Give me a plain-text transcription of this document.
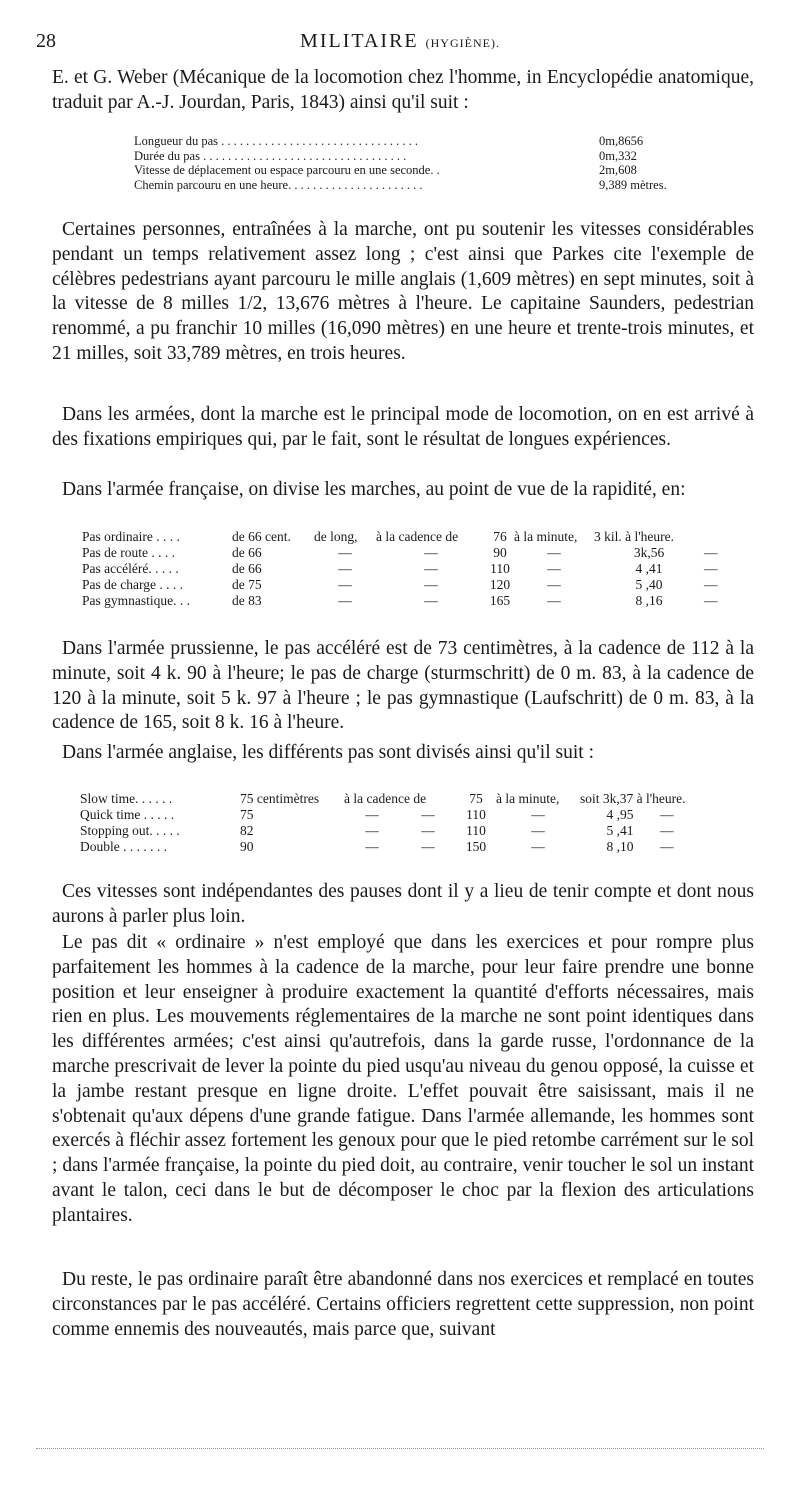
28	MILITAIRE (HYGIÈNE).

E. et G. Weber (Mécanique de la locomotion chez l'homme, in Encyclopédie anatomique, traduit par A.-J. Jourdan, Paris, 1843) ainsi qu'il suit :

Longueur du pas . . . . . . . . . . . . . . . . . . . . . . . . . . . . . . . .	0m,8656
Durée du pas . . . . . . . . . . . . . . . . . . . . . . . . . . . . . . . . .	0m,332
Vitesse de déplacement ou espace parcouru en une seconde. .	2m,608
Chemin parcouru en une heure. . . . . . . . . . . . . . . . . . . . . .	9,389 mètres.

Certaines personnes, entraînées à la marche, ont pu soutenir les vitesses considérables pendant un temps relativement assez long ; c'est ainsi que Parkes cite l'exemple de célèbres pedestrians ayant parcouru le mille anglais (1,609 mètres) en sept minutes, soit à la vitesse de 8 milles 1/2, 13,676 mètres à l'heure. Le capitaine Saunders, pedestrian renommé, a pu franchir 10 milles (16,090 mètres) en une heure et trente-trois minutes, et 21 milles, soit 33,789 mètres, en trois heures.

Dans les armées, dont la marche est le principal mode de locomotion, on en est arrivé à des fixations empiriques qui, par le fait, sont le résultat de longues expériences.

Dans l'armée française, on divise les marches, au point de vue de la rapidité, en:

Pas ordinaire . . . .	de 66 cent.	de long,	à la cadence de	76	à la minute,	3 kil. à l'heure.	
Pas de route . . . .	de 66	—	—	90	—	3k,56	—
Pas accéléré. . . . .	de 66	—	—	110	—	4 ,41	—
Pas de charge . . . .	de 75	—	—	120	—	5 ,40	—
Pas gymnastique. . .	de 83	—	—	165	—	8 ,16	—

Dans l'armée prussienne, le pas accéléré est de 73 centimètres, à la cadence de 112 à la minute, soit 4 k. 90 à l'heure; le pas de charge (sturmschritt) de 0 m. 83, à la cadence de 120 à la minute, soit 5 k. 97 à l'heure ; le pas gymnastique (Laufschritt) de 0 m. 83, à la cadence de 165, soit 8 k. 16 à l'heure.

Dans l'armée anglaise, les différents pas sont divisés ainsi qu'il suit :

Slow time. . . . . .	75 centimètres	à la cadence de	75	à la minute,	soit 3k,37 à l'heure.
Quick time . . . . .	75	— —	110	—	4 ,95 —
Stopping out. . . . .	82	— —	110	—	5 ,41 —
Double . . . . . . .	90	— —	150	—	8 ,10 —

Ces vitesses sont indépendantes des pauses dont il y a lieu de tenir compte et dont nous aurons à parler plus loin.

Le pas dit « ordinaire » n'est employé que dans les exercices et pour rompre plus parfaitement les hommes à la cadence de la marche, pour leur faire prendre une bonne position et leur enseigner à produire exactement la quantité d'efforts nécessaires, mais rien en plus. Les mouvements réglementaires de la marche ne sont point identiques dans les différentes armées; c'est ainsi qu'autrefois, dans la garde russe, l'ordonnance de la marche prescrivait de lever la pointe du pied usqu'au niveau du genou opposé, la cuisse et la jambe restant presque en ligne droite. L'effet pouvait être saisissant, mais il ne s'obtenait qu'aux dépens d'une grande fatigue. Dans l'armée allemande, les hommes sont exercés à fléchir assez fortement les genoux pour que le pied retombe carrément sur le sol ; dans l'armée française, la pointe du pied doit, au contraire, venir toucher le sol un instant avant le talon, ceci dans le but de décomposer le choc par la flexion des articulations plantaires.

Du reste, le pas ordinaire paraît être abandonné dans nos exercices et remplacé en toutes circonstances par le pas accéléré. Certains officiers regrettent cette suppression, non point comme ennemis des nouveautés, mais parce que, suivant
